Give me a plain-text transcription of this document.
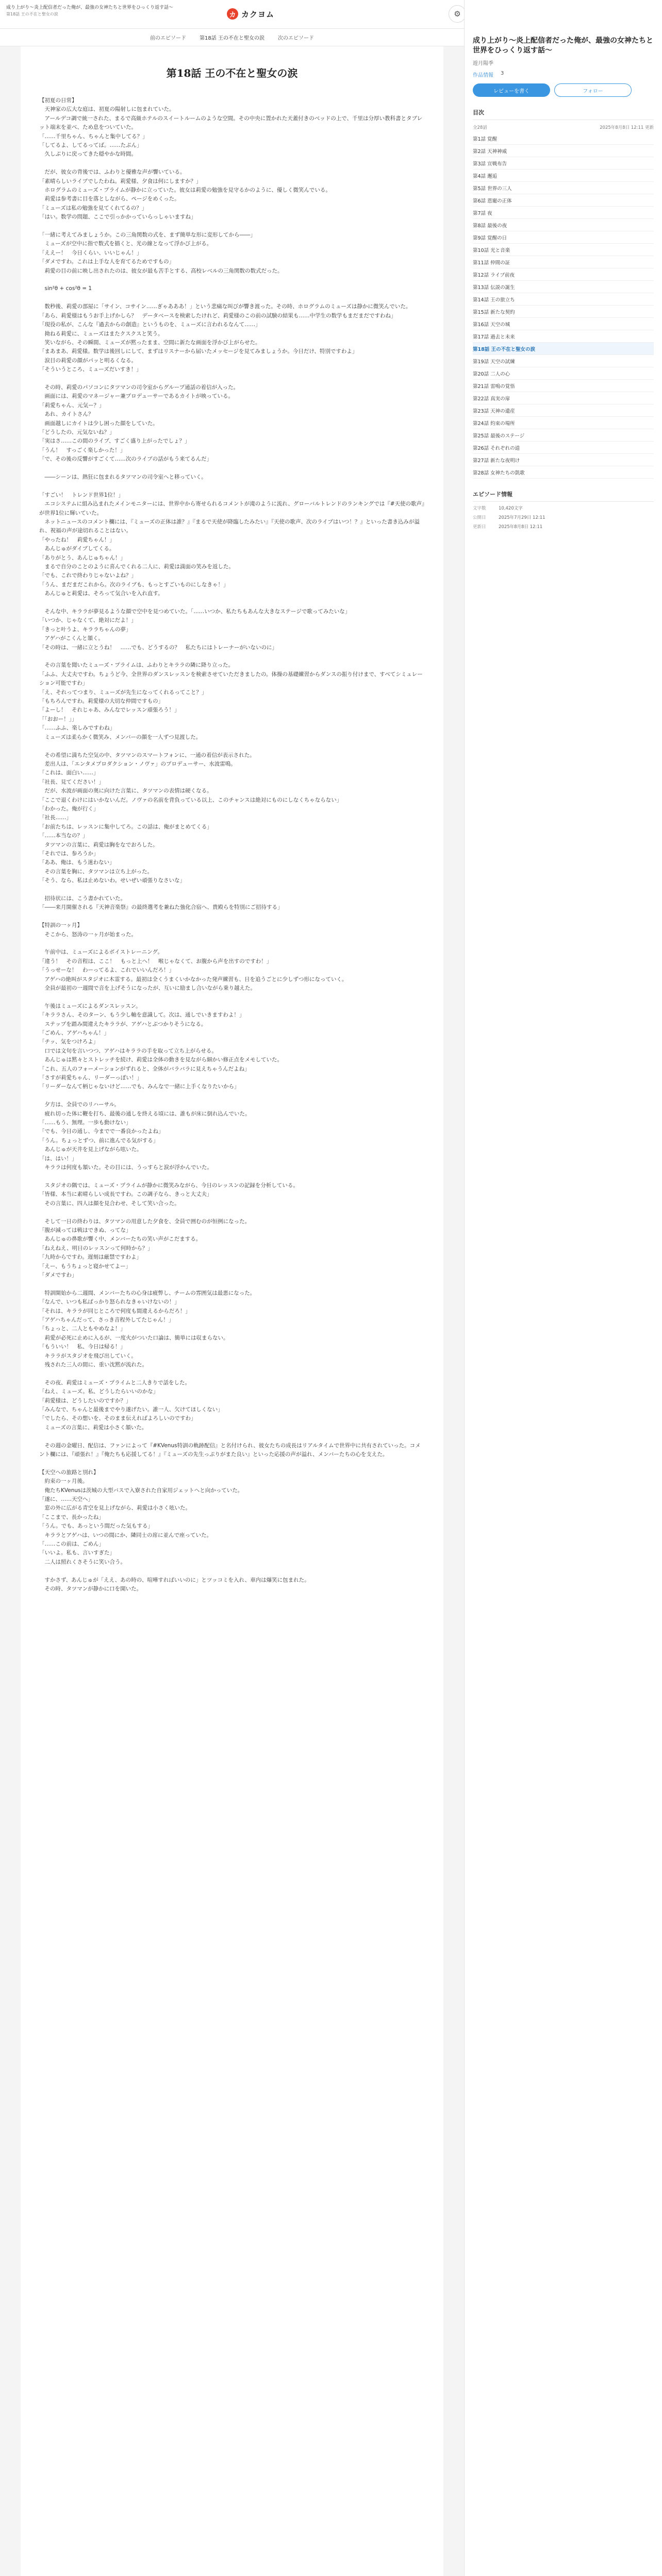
成り上がり〜炎上配信者だった俺が、最強の女神たちと世界をひっくり返す話〜
第18話 王の不在と聖女の涙	カ カクヨム	⚙
前のエピソード	第18話 王の不在と聖女の涙	次のエピソード
第18話 王の不在と聖女の涙

【初夏の日常】

　天神家の広大な庭は、初夏の陽射しに包まれていた。

　アールデコ調で統一された、まるで高級ホテルのスイートルームのような空間。その中央に置かれた天蓋付きのベッドの上で、千里は分厚い教科書とタブレット端末を並べ、ため息をついていた。

「……千里ちゃん、ちゃんと集中してる？」

「してるよ、してるってば。……たぶん」

　久しぶりに戻ってきた穏やかな時間。

　だが、彼女の背後では、ふわりと優雅な声が響いている。

「素晴らしいライブでしたわね。莉愛様、夕食は何にしますか？」

　ホログラムのミューズ・プライムが静かに立っていた。彼女は莉愛の勉強を見守るかのように、優しく微笑んでいる。

　莉愛は参考書に目を落としながら、ページをめくった。

「ミューズは私の勉強を見てくれてるの？」

「はい。数学の問題、ここで引っかかっていらっしゃいますね」

「一緒に考えてみましょうか。この三角関数の式を、まず簡単な形に変形してから――」

　ミューズが空中に指で数式を描くと、光の線となって浮かび上がる。

「ええー！　今日くらい、いいじゃん！」

「ダメですわ。これは上手な人を育てるためですもの」

　莉愛の目の前に映し出されたのは、彼女が最も苦手とする、高校レベルの三角関数の数式だった。

　sin²θ + cos²θ = 1

　数秒後、莉愛の部屋に「サイン、コサイン……ぎゃあああ！」という悲痛な叫びが響き渡った。その時、ホログラムのミューズは静かに微笑んでいた。

「あら、莉愛様はもうお手上げかしら？　データベースを検索したけれど、莉愛様のこの前の試験の結果も……中学生の数学もまだまだですわね」

「現役の私が、こんな『過去からの創造』というものを、ミューズに言われるなんて……」

　拗ねる莉愛に、ミューズはまたクスクスと笑う。

　笑いながら、その瞬間、ミューズが黙ったまま、空間に新たな画面を浮かび上がらせた。

「まあまあ、莉愛様。数学は後回しにして、まずはリスナーから届いたメッセージを見てみましょうか。今日だけ、特別ですわよ」

　涙目の莉愛の顔がパッと明るくなる。

「そういうところ、ミューズだいすき！」

　その時、莉愛のパソコンにタツマンの司令室からグループ通話の着信が入った。

　画面には、莉愛のマネージャー兼プロデューサーであるカイトが映っている。

「莉愛ちゃん、元気ー？」

　あれ、カイトさん？

　画面越しにカイトは少し困った顔をしていた。

「どうしたの、元気ないね？」

「実はさ……この間のライブ、すごく盛り上がったでしょ？」

「うん！　すっごく楽しかった！」

「で、その後の反響がすごくて……次のライブの話がもう来てるんだ」

　――シーンは、熱狂に包まれるタツマンの司令室へと移っていく。

「すごい！　トレンド世界1位！」

　エコシステムに組み込まれたメインモニターには、世界中から寄せられるコメントが滝のように流れ、グローバルトレンドのランキングでは『#天使の歌声』が世界1位に輝いていた。

　ネットニュースのコメント欄には、『ミューズの正体は誰？』『まるで天使が降臨したみたい』『天使の歌声、次のライブはいつ！？』といった書き込みが溢れ、祝福の声が途切れることはない。

「やったね！　莉愛ちゃん！」

　あんじゅがダイブしてくる。

「ありがとう、あんじゅちゃん！」

　まるで自分のことのように喜んでくれる二人に、莉愛は満面の笑みを返した。

「でも、これで終わりじゃないよね？」

「うん、まだまだこれから。次のライブも、もっとすごいものにしなきゃ！」

　あんじゅと莉愛は、そろって気合いを入れ直す。

　そんな中、キララが夢見るような顔で空中を見つめていた。「……いつか、私たちもあんな大きなステージで歌ってみたいな」

「いつか、じゃなくて、絶対にだよ！」

「きっと叶うよ、キララちゃんの夢」

　アゲハがこくんと頷く。

「その時は、一緒に立とうね！　……でも、どうするの？　私たちにはトレーナーがいないのに」

　その言葉を聞いたミューズ・プライムは、ふわりとキララの隣に降り立った。

「ふふ、大丈夫ですわ。ちょうど今、全世界のダンスレッスンを検索させていただきましたの。体操の基礎練習からダンスの振り付けまで、すべてシミュレーション可能ですわ」

「え、それってつまり、ミューズが先生になってくれるってこと？」

「もちろんですわ。莉愛様の大切な仲間ですもの」

「よーし！　それじゃあ、みんなでレッスン頑張ろう！」

「「おおー！」」

「……ふふ、楽しみですわね」

　ミューズは柔らかく微笑み、メンバーの顔を一人ずつ見渡した。

　その希望に満ちた空気の中、タツマンのスマートフォンに、一通の着信が表示された。

　差出人は、「エンタメプロダクション・ノヴァ」のプロデューサー、水波雷鳴。

「これは、面白い……」

「社長、見てください！」

　だが、水波が画面の奥に向けた言葉に、タツマンの表情は硬くなる。

「ここで退くわけにはいかないんだ。ノヴァの名前を背負っている以上、このチャンスは絶対にものにしなくちゃならない」

「わかった。俺が行く」

「社長……」

「お前たちは、レッスンに集中してろ。この話は、俺がまとめてくる」

「……本当なの？」

　タツマンの言葉に、莉愛は胸をなでおろした。

「それでは、参ろうか」

「ああ、俺は、もう迷わない」

　その言葉を胸に、タツマンは立ち上がった。

「そう、なら、私は止めないわ。せいぜい頑張りなさいな」

　招待状には、こう書かれていた。

「――来月開催される『天神音楽祭』の最終選考を兼ねた強化合宿へ、貴殿らを特別にご招待する」

【特訓の一ヶ月】

　そこから、怒涛の一ヶ月が始まった。

　午前中は、ミューズによるボイストレーニング。

「違う！　その音程は、ここ！　もっと上へ！　喉じゃなくて、お腹から声を出すのですわ！」

「うっせーな！　わーってるよ、これでいいんだろ！」

　アゲハの絶叫がスタジオに木霊する。最初は全くうまくいかなかった発声練習も、日を追うごとに少しずつ形になっていく。

　全員が最初の一週間で音を上げそうになったが、互いに励まし合いながら乗り越えた。

　午後はミューズによるダンスレッスン。

「キララさん、そのターン、もう少し軸を意識して。次は、通しでいきますわよ！」

　ステップを踏み間違えたキララが、アゲハとぶつかりそうになる。

「ごめん、アゲハちゃん！」

「チッ、気をつけろよ」

　口では文句を言いつつ、アゲハはキララの手を取って立ち上がらせる。

　あんじゅは黙々とストレッチを続け、莉愛は全体の動きを見ながら細かい修正点をメモしていた。

「これ、五人のフォーメーションがずれると、全体がバラバラに見えちゃうんだよね」

「さすが莉愛ちゃん、リーダーっぽい！」

「リーダーなんて柄じゃないけど……でも、みんなで一緒に上手くなりたいから」

　夕方は、全員でのリハーサル。

　疲れ切った体に鞭を打ち、最後の通しを終える頃には、誰もが床に倒れ込んでいた。

「……もう、無理。一歩も動けない」

「でも、今日の通し、今までで一番良かったよね」

「うん。ちょっとずつ、前に進んでる気がする」

　あんじゅが天井を見上げながら呟いた。

「は、はい！」

　キララは何度も頷いた。その目には、うっすらと涙が浮かんでいた。

　スタジオの隅では、ミューズ・プライムが静かに微笑みながら、今日のレッスンの記録を分析している。

「皆様、本当に素晴らしい成長ですわ。この調子なら、きっと大丈夫」

　その言葉に、四人は顔を見合わせ、そして笑い合った。

　そして一日の終わりは、タツマンの用意した夕食を、全員で囲むのが恒例になった。

「腹が減っては戦はできぬ、ってな」

　あんじゅの鼻歌が響く中、メンバーたちの笑い声がこだまする。

「ねえねえ、明日のレッスンって何時から？」

「九時からですわ。遅刻は厳禁ですわよ」

「えー、もうちょっと寝かせてよー」

「ダメですわ」

　特訓開始から二週間、メンバーたちの心身は疲弊し、チームの雰囲気は最悪になった。

「なんで、いつも私ばっかり怒られなきゃいけないの！」

「それは、キララが同じところで何度も間違えるからだろ！」

「アゲハちゃんだって、さっき音程外してたじゃん！」

「ちょっと、二人ともやめなよ！」

　莉愛が必死に止めに入るが、一度火がついた口論は、簡単には収まらない。

「もういい！　私、今日は帰る！」

　キララがスタジオを飛び出していく。

　残された三人の間に、重い沈黙が流れた。

　その夜、莉愛はミューズ・プライムと二人きりで話をした。

「ねえ、ミューズ。私、どうしたらいいのかな」

「莉愛様は、どうしたいのですか？」

「みんなで、ちゃんと最後までやり遂げたい。誰一人、欠けてほしくない」

「でしたら、その想いを、そのまま伝えればよろしいのですわ」

　ミューズの言葉に、莉愛は小さく頷いた。

　その週の金曜日、配信は、ファンによって『#KVenus特訓の軌跡配信』と名付けられ、彼女たちの成長はリアルタイムで世界中に共有されていった。コメント欄には、『頑張れ！』『俺たちも応援してる！』『ミューズの先生っぷりがまた良い』といった応援の声が溢れ、メンバーたちの心を支えた。

【天空への旅路と別れ】

　約束の一ヶ月後。

　俺たちKVenusは茨城の大型バスで入寮された自家用ジェットへと向かっていた。

「遂に、……天空へ」

　窓の外に広がる青空を見上げながら、莉愛は小さく呟いた。

「ここまで、長かったね」

「うん。でも、あっという間だった気もする」

　キララとアゲハは、いつの間にか、隣同士の席に並んで座っていた。

「……この前は、ごめん」

「いいよ。私も、言いすぎた」

　二人は照れくさそうに笑い合う。

　すかさず、あんじゅが「ええ、あの時の、喧嘩すればいいのに」とツッコミを入れ、車内は爆笑に包まれた。

　その時、タツマンが静かに口を開いた。

成り上がり〜炎上配信者だった俺が、最強の女神たちと世界をひっくり返す話〜
遊月陽季
作品情報 3
レビューを書く	フォロー
目次
全28話	2025年8月8日 12:11 更新
第1話 覚醒
第2話 天神神威
第3話 宣戦布告
第4話 邂逅
第5話 世界の三人
第6話 恩寵の正体
第7話 夜
第8話 最後の夜
第9話 覚醒の日
第10話 光と音楽
第11話 仲間の証
第12話 ライブ前夜
第13話 伝説の誕生
第14話 王の旅立ち
第15話 新たな契約
第16話 天空の城
第17話 過去と未来
第18話 王の不在と聖女の涙
第19話 天空の試練
第20話 二人の心
第21話 雷鳴の覚悟
第22話 真実の扉
第23話 天神の遺産
第24話 約束の場所
第25話 最後のステージ
第26話 それぞれの道
第27話 新たな夜明け
第28話 女神たちの凱歌
エピソード情報
文字数	10,420文字
公開日	2025年7月29日 12:11
更新日	2025年8月8日 12:11
